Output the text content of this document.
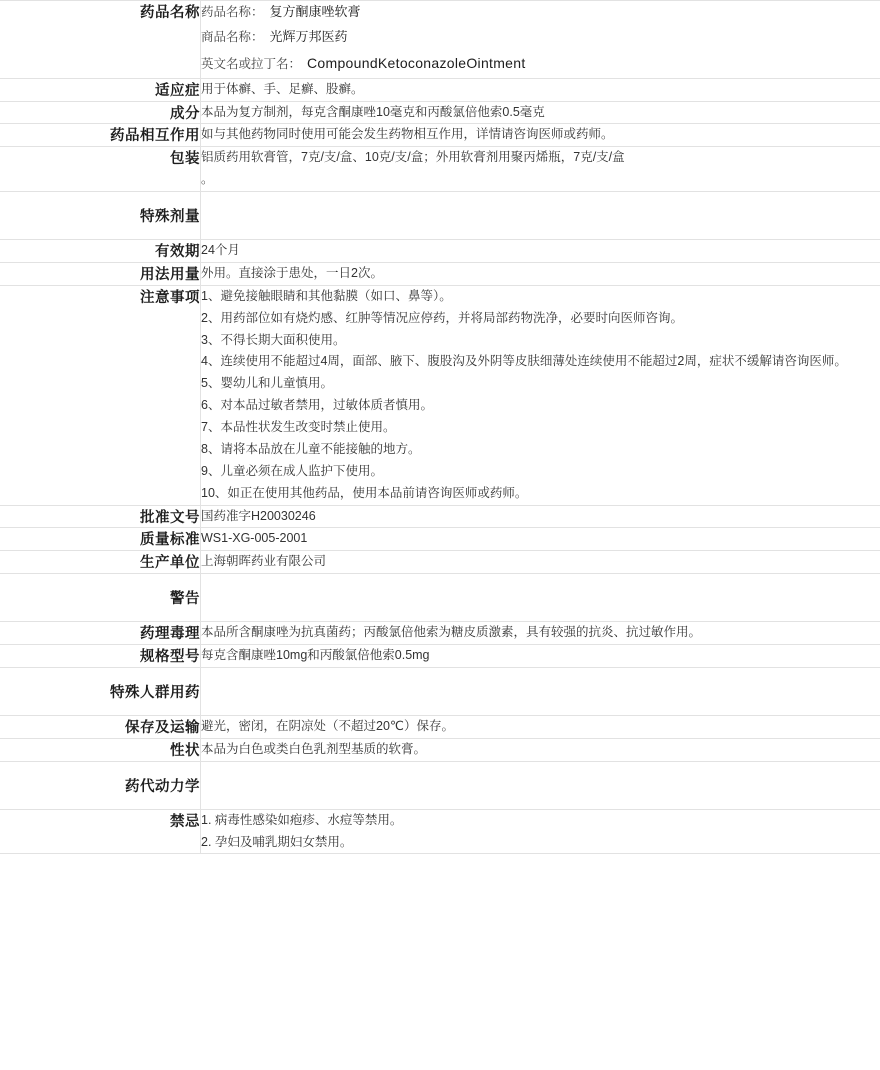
药品名称	药品名称： 复方酮康唑软膏
商品名称： 光辉万邦医药
英文名或拉丁名： CompoundKetoconazoleOintment

适应症	用于体癣、手、足癣、股癣。

成分	本品为复方制剂，每克含酮康唑10毫克和丙酸氯倍他索0.5毫克

药品相互作用	如与其他药物同时使用可能会发生药物相互作用，详情请咨询医师或药师。

包装	铝质药用软膏管，7克/支/盒、10克/支/盒；外用软膏剂用聚丙烯瓶，7克/支/盒
。

特殊剂量	

有效期	24个月

用法用量	外用。直接涂于患处，一日2次。

注意事项	1、避免接触眼睛和其他黏膜（如口、鼻等）。
2、用药部位如有烧灼感、红肿等情况应停药，并将局部药物洗净，必要时向医师咨询。
3、不得长期大面积使用。
4、连续使用不能超过4周，面部、腋下、腹股沟及外阴等皮肤细薄处连续使用不能超过2周，症状不缓解请咨询医师。
5、婴幼儿和儿童慎用。
6、对本品过敏者禁用，过敏体质者慎用。
7、本品性状发生改变时禁止使用。
8、请将本品放在儿童不能接触的地方。
9、儿童必须在成人监护下使用。
10、如正在使用其他药品，使用本品前请咨询医师或药师。

批准文号	国药准字H20030246

质量标准	WS1-XG-005-2001

生产单位	上海朝晖药业有限公司

警告	

药理毒理	本品所含酮康唑为抗真菌药；丙酸氯倍他索为糖皮质激素，具有较强的抗炎、抗过敏作用。

规格型号	每克含酮康唑10mg和丙酸氯倍他索0.5mg

特殊人群用药	

保存及运输	避光，密闭，在阴凉处（不超过20℃）保存。

性状	本品为白色或类白色乳剂型基质的软膏。

药代动力学	

禁忌	1. 病毒性感染如疱疹、水痘等禁用。
2. 孕妇及哺乳期妇女禁用。
